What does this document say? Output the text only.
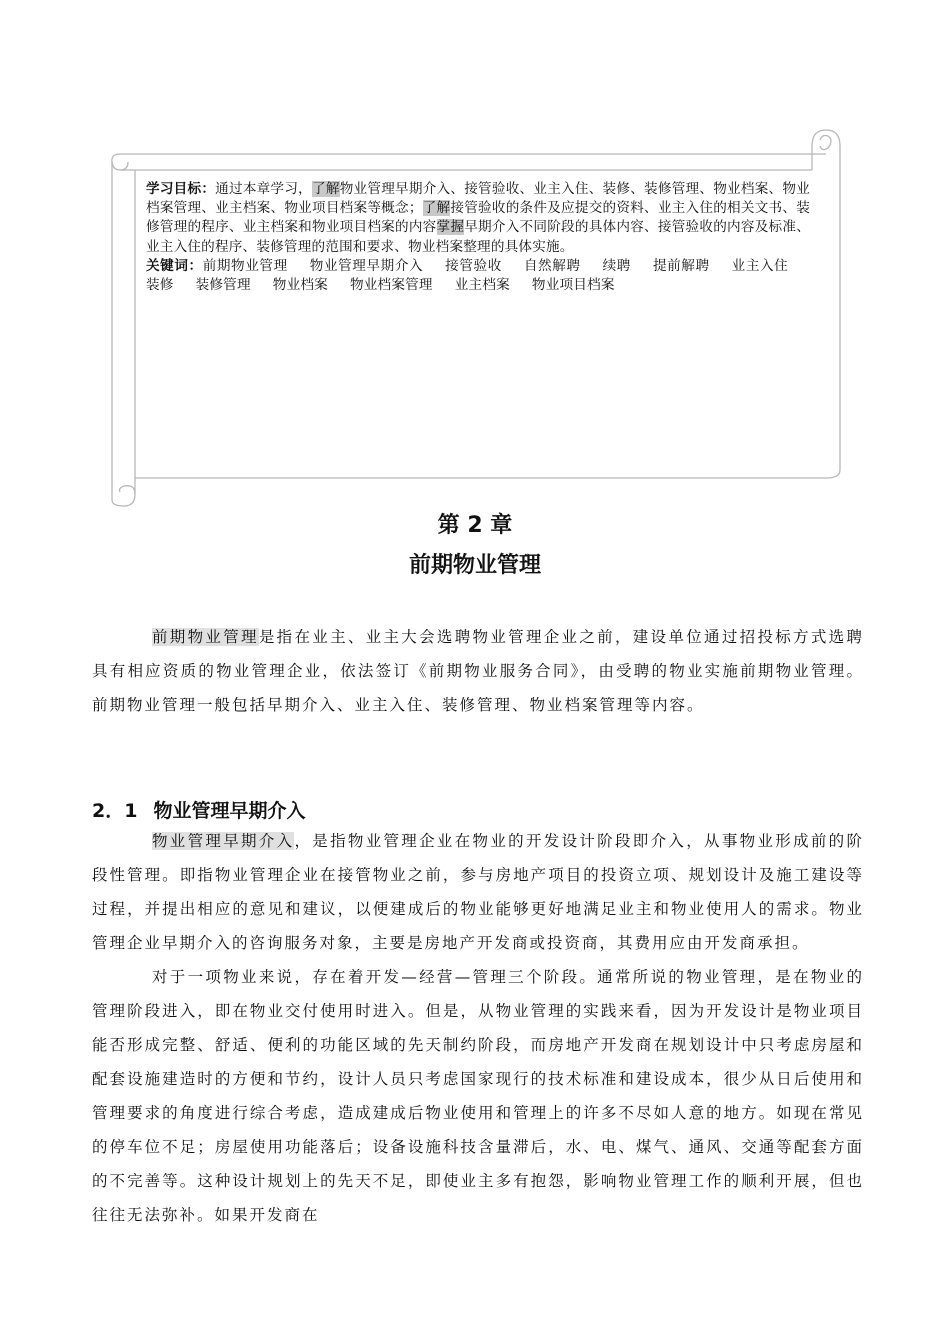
学习目标：通过本章学习，了解物业管理早期介入、接管验收、业主入住、装修、装修管理、物业档案、物业档案管理、业主档案、物业项目档案等概念；了解接管验收的条件及应提交的资料、业主入住的相关文书、装修管理的程序、业主档案和物业项目档案的内容掌握早期介入不同阶段的具体内容、接管验收的内容及标准、业主入住的程序、装修管理的范围和要求、物业档案整理的具体实施。

关键词：前期物业管理 物业管理早期介入 接管验收 自然解聘 续聘 提前解聘 业主入住装修 装修管理 物业档案 物业档案管理 业主档案 物业项目档案

第 2 章
前期物业管理

前期物业管理是指在业主、业主大会选聘物业管理企业之前，建设单位通过招投标方式选聘具有相应资质的物业管理企业，依法签订《前期物业服务合同》，由受聘的物业实施前期物业管理。前期物业管理一般包括早期介入、业主入住、装修管理、物业档案管理等内容。

2．1 物业管理早期介入

物业管理早期介入，是指物业管理企业在物业的开发设计阶段即介入，从事物业形成前的阶段性管理。即指物业管理企业在接管物业之前，参与房地产项目的投资立项、规划设计及施工建设等过程，并提出相应的意见和建议，以便建成后的物业能够更好地满足业主和物业使用人的需求。物业管理企业早期介入的咨询服务对象，主要是房地产开发商或投资商，其费用应由开发商承担。

对于一项物业来说，存在着开发—经营—管理三个阶段。通常所说的物业管理，是在物业的管理阶段进入，即在物业交付使用时进入。但是，从物业管理的实践来看，因为开发设计是物业项目能否形成完整、舒适、便利的功能区域的先天制约阶段，而房地产开发商在规划设计中只考虑房屋和配套设施建造时的方便和节约，设计人员只考虑国家现行的技术标准和建设成本，很少从日后使用和管理要求的角度进行综合考虑，造成建成后物业使用和管理上的许多不尽如人意的地方。如现在常见的停车位不足；房屋使用功能落后；设备设施科技含量滞后，水、电、煤气、通风、交通等配套方面的不完善等。这种设计规划上的先天不足，即使业主多有抱怨，影响物业管理工作的顺利开展，但也往往无法弥补。如果开发商在
